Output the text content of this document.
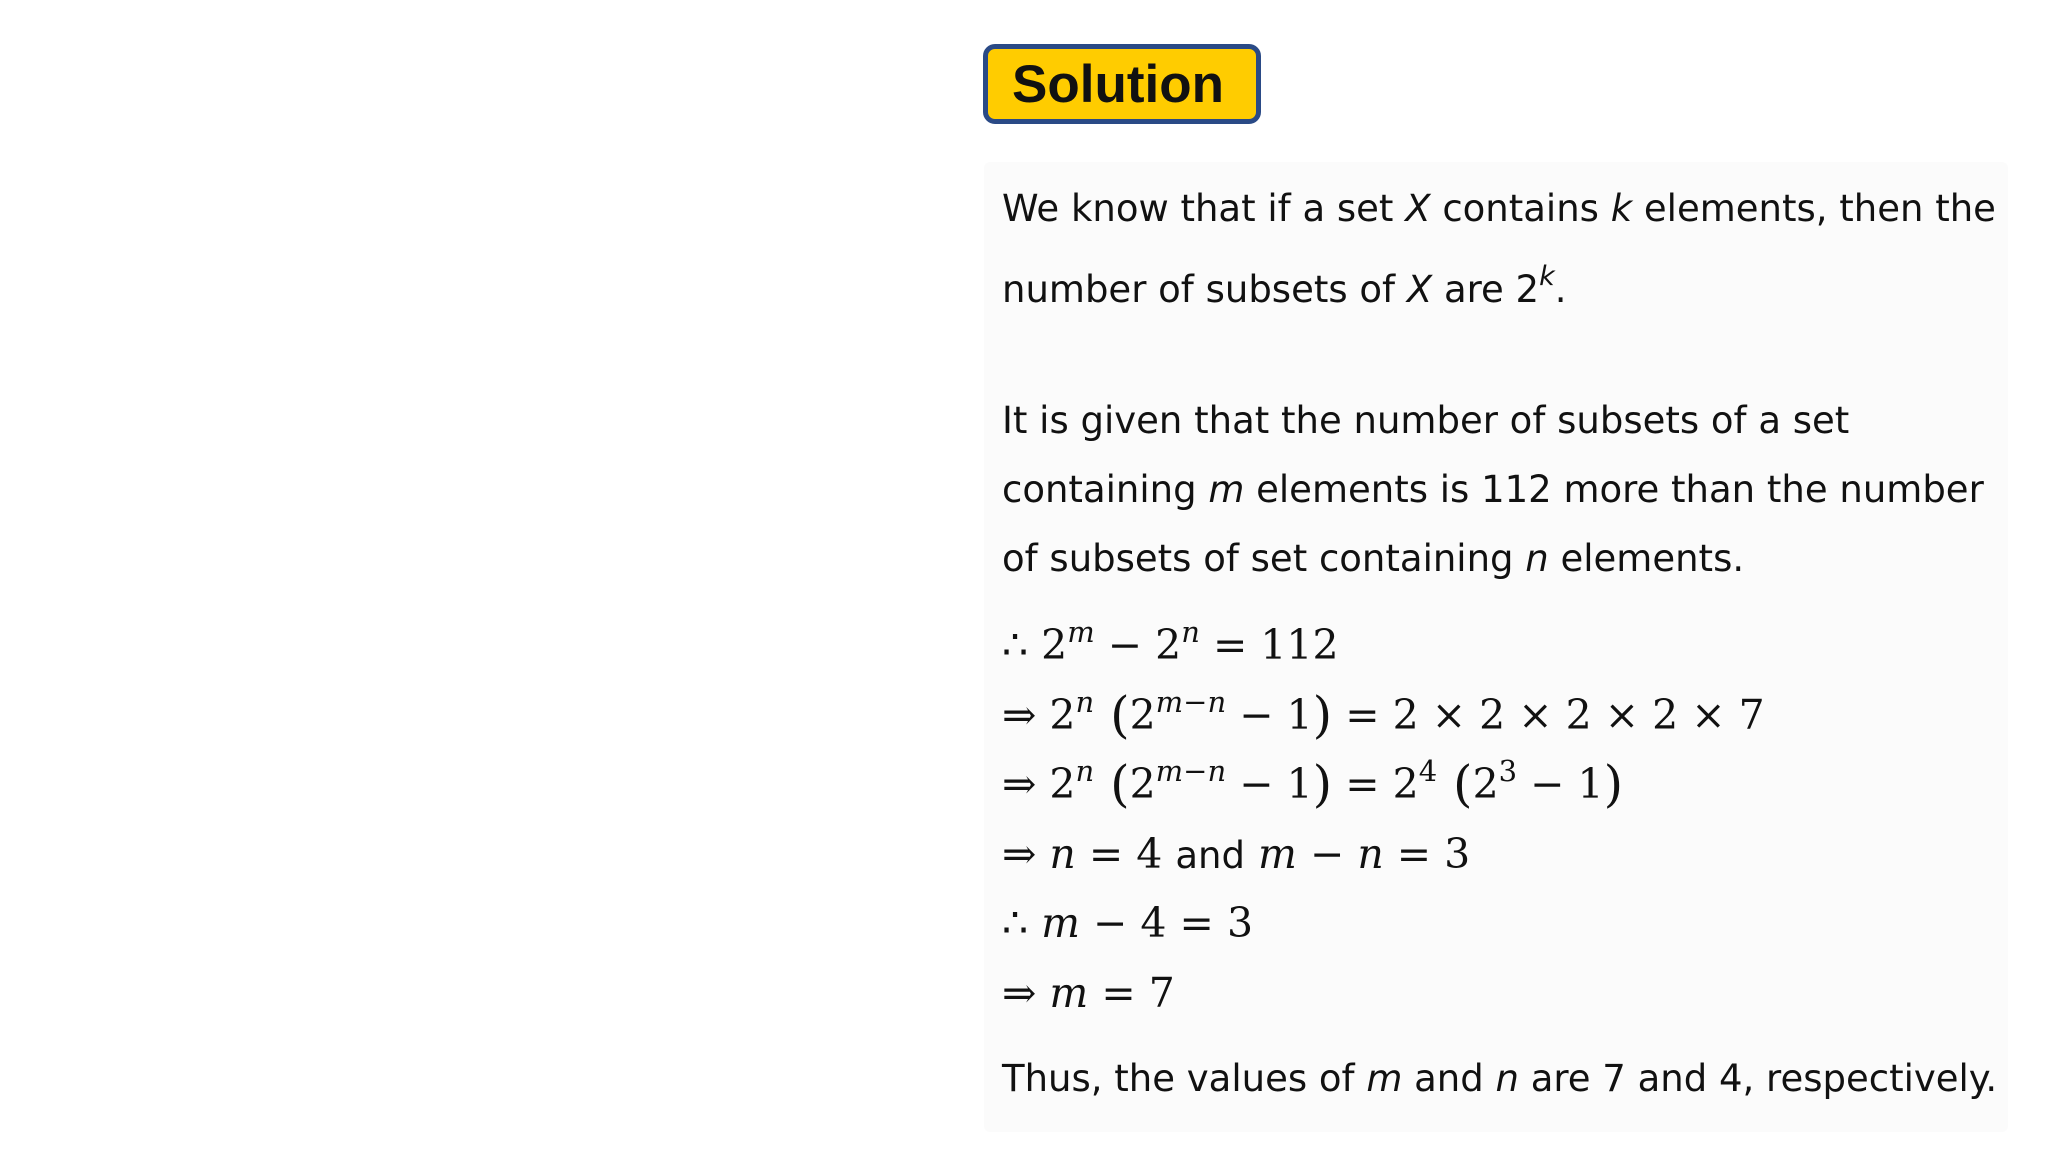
Solution

We know that if a set X contains k elements, then the number of subsets of X are 2$^k$.

It is given that the number of subsets of a set containing m elements is 112 more than the number of subsets of set containing n elements.

∴ $2^m - 2^n = 112$
⇒ 2$^n$ $(2^{m-n} - 1) = 2 \times 2 \times 2 \times 2 \times 7$
⇒ 2$^n$ $(2^{m-n} - 1) = 2^4$ $(2^3 - 1)$
⇒ n = 4 and m − n = 3
∴ m − 4 = 3
⇒ m = 7

Thus, the values of m and n are 7 and 4, respectively.
